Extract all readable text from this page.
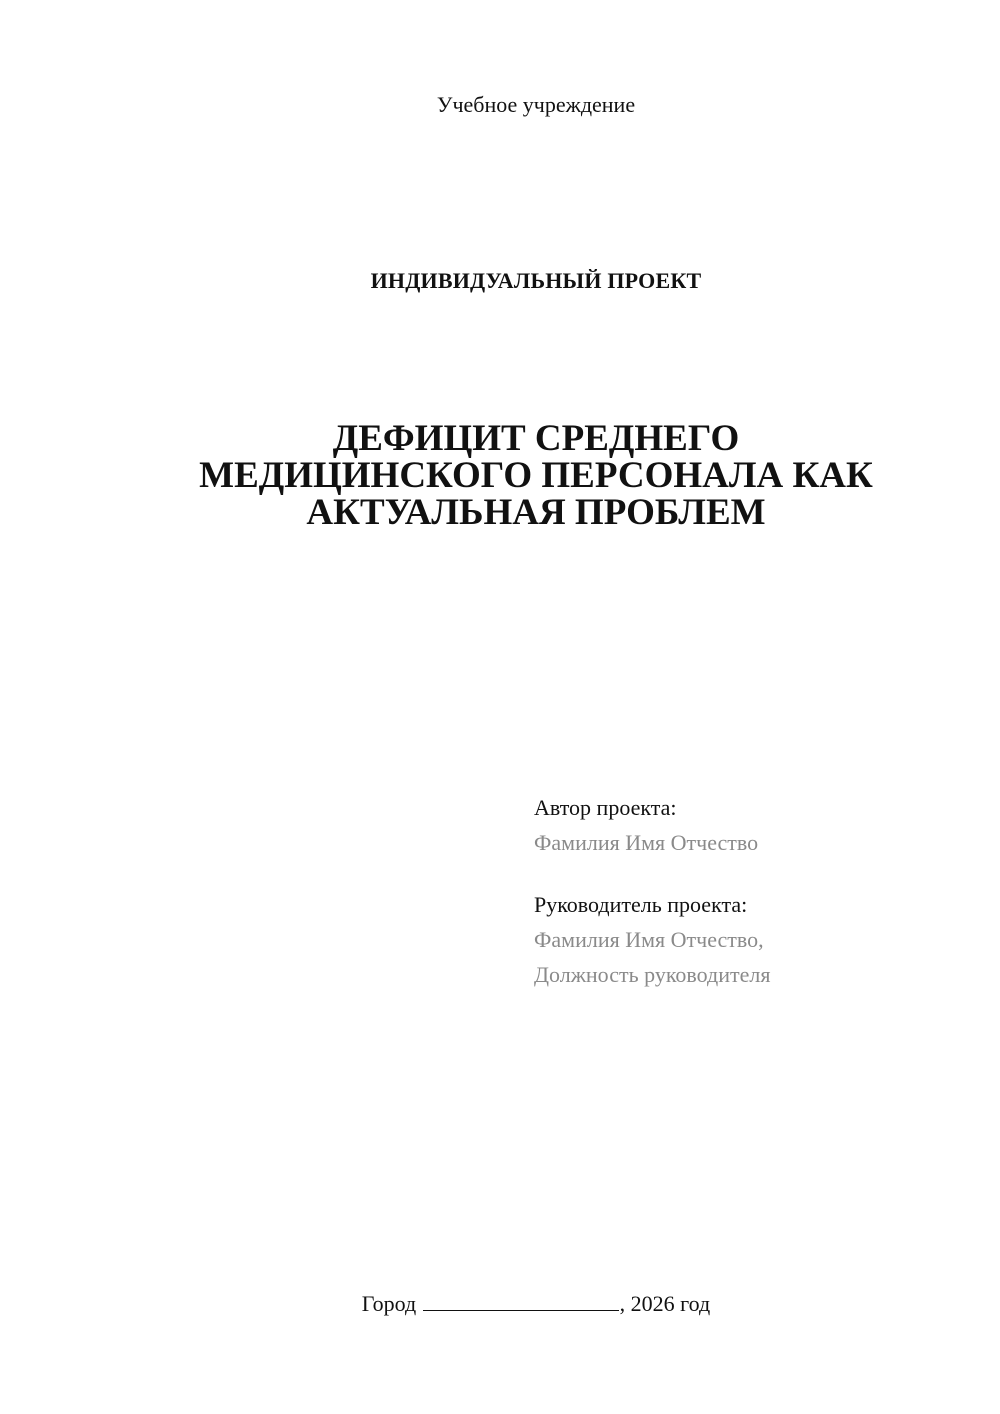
Учебное учреждение
ИНДИВИДУАЛЬНЫЙ ПРОЕКТ
ДЕФИЦИТ СРЕДНЕГО
МЕДИЦИНСКОГО ПЕРСОНАЛА КАК
АКТУАЛЬНАЯ ПРОБЛЕМ
Автор проекта:
Фамилия Имя Отчество
Руководитель проекта:
Фамилия Имя Отчество,
Должность руководителя
Город	, 2026 год
